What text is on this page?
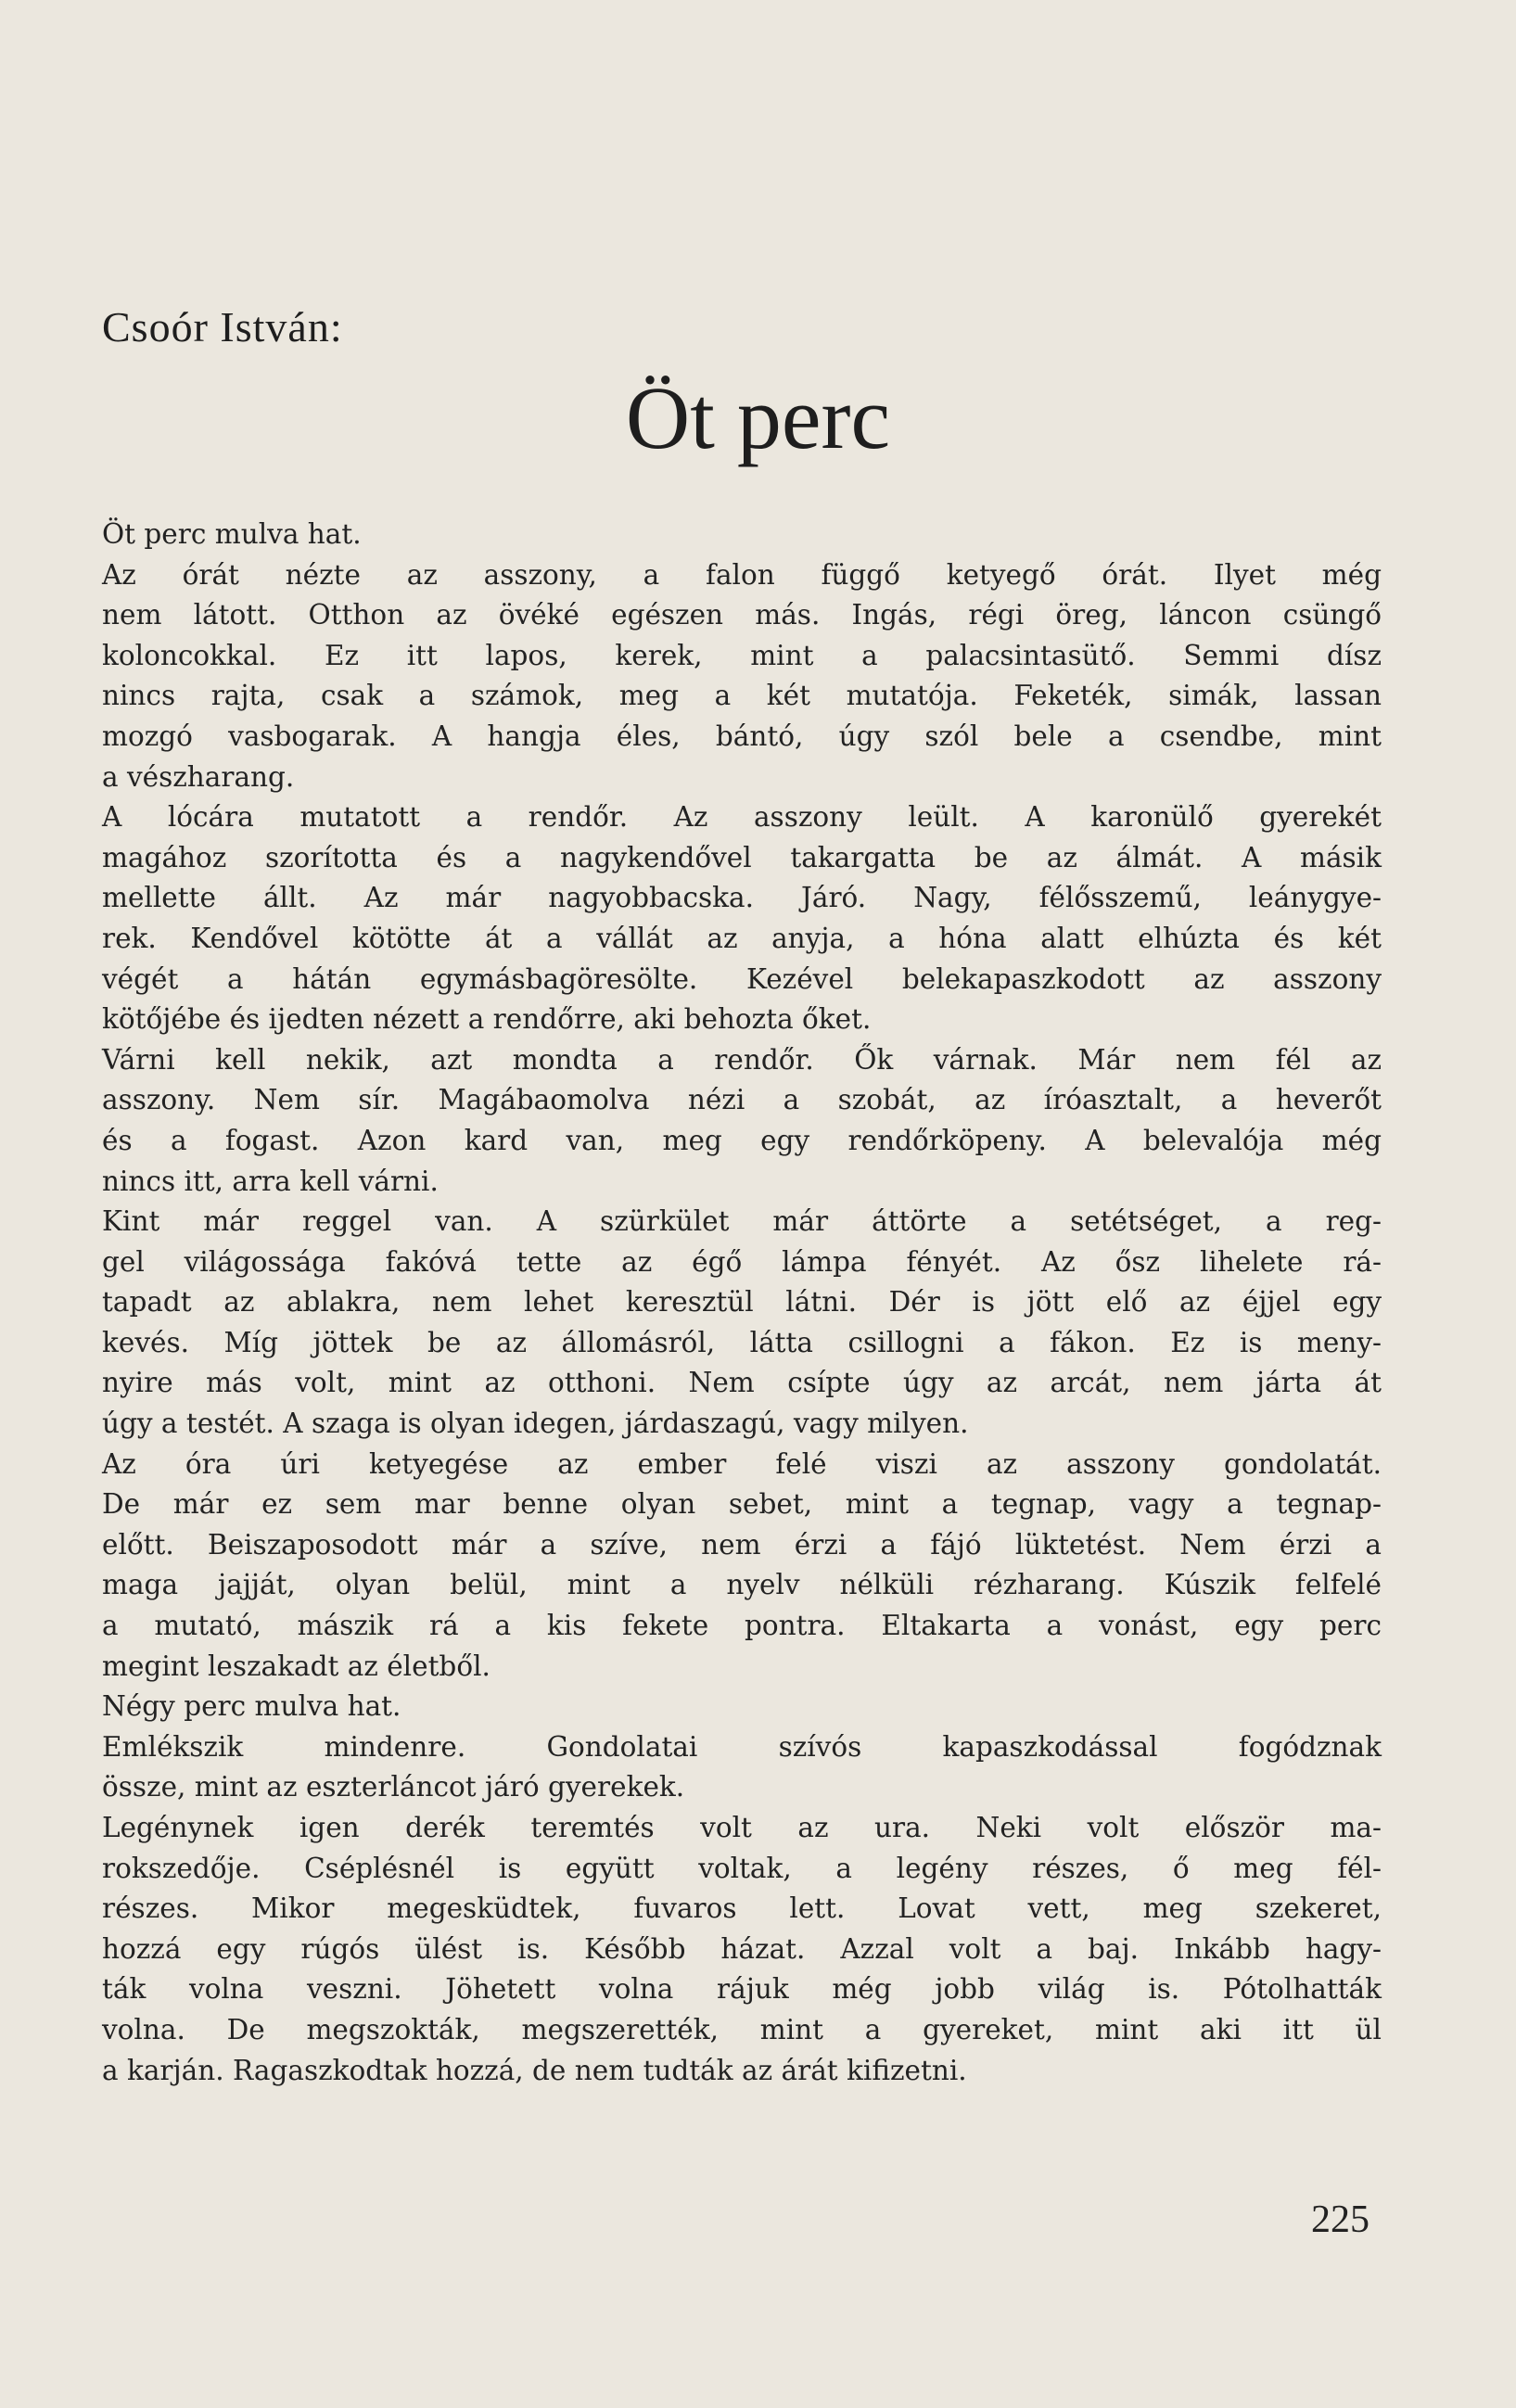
Csoór István:
Öt perc
Öt perc mulva hat.
Az órát nézte az asszony, a falon függő ketyegő órát. Ilyet még
nem látott. Otthon az övéké egészen más. Ingás, régi öreg, láncon csüngő
koloncokkal. Ez itt lapos, kerek, mint a palacsintasütő. Semmi dísz
nincs rajta, csak a számok, meg a két mutatója. Feketék, simák, lassan
mozgó vasbogarak. A hangja éles, bántó, úgy szól bele a csendbe, mint
a vészharang.
A lócára mutatott a rendőr. Az asszony leült. A karonülő gyerekét
magához szorította és a nagykendővel takargatta be az álmát. A másik
mellette állt. Az már nagyobbacska. Járó. Nagy, félősszemű, leánygye-
rek. Kendővel kötötte át a vállát az anyja, a hóna alatt elhúzta és két
végét a hátán egymásbagöresölte. Kezével belekapaszkodott az asszony
kötőjébe és ijedten nézett a rendőrre, aki behozta őket.
Várni kell nekik, azt mondta a rendőr. Ők várnak. Már nem fél az
asszony. Nem sír. Magábaomolva nézi a szobát, az íróasztalt, a heverőt
és a fogast. Azon kard van, meg egy rendőrköpeny. A belevalója még
nincs itt, arra kell várni.
Kint már reggel van. A szürkület már áttörte a setétséget, a reg-
gel világossága fakóvá tette az égő lámpa fényét. Az ősz lihelete rá-
tapadt az ablakra, nem lehet keresztül látni. Dér is jött elő az éjjel egy
kevés. Míg jöttek be az állomásról, látta csillogni a fákon. Ez is meny-
nyire más volt, mint az otthoni. Nem csípte úgy az arcát, nem járta át
úgy a testét. A szaga is olyan idegen, járdaszagú, vagy milyen.
Az óra úri ketyegése az ember felé viszi az asszony gondolatát.
De már ez sem mar benne olyan sebet, mint a tegnap, vagy a tegnap-
előtt. Beiszaposodott már a szíve, nem érzi a fájó lüktetést. Nem érzi a
maga jajját, olyan belül, mint a nyelv nélküli rézharang. Kúszik felfelé
a mutató, mászik rá a kis fekete pontra. Eltakarta a vonást, egy perc
megint leszakadt az életből.
Négy perc mulva hat.
Emlékszik mindenre. Gondolatai szívós kapaszkodással fogódznak
össze, mint az eszterláncot járó gyerekek.
Legénynek igen derék teremtés volt az ura. Neki volt először ma-
rokszedője. Cséplésnél is együtt voltak, a legény részes, ő meg fél-
részes. Mikor megesküdtek, fuvaros lett. Lovat vett, meg szekeret,
hozzá egy rúgós ülést is. Később házat. Azzal volt a baj. Inkább hagy-
ták volna veszni. Jöhetett volna rájuk még jobb világ is. Pótolhatták
volna. De megszokták, megszerették, mint a gyereket, mint aki itt ül
a karján. Ragaszkodtak hozzá, de nem tudták az árát kifizetni.
225
